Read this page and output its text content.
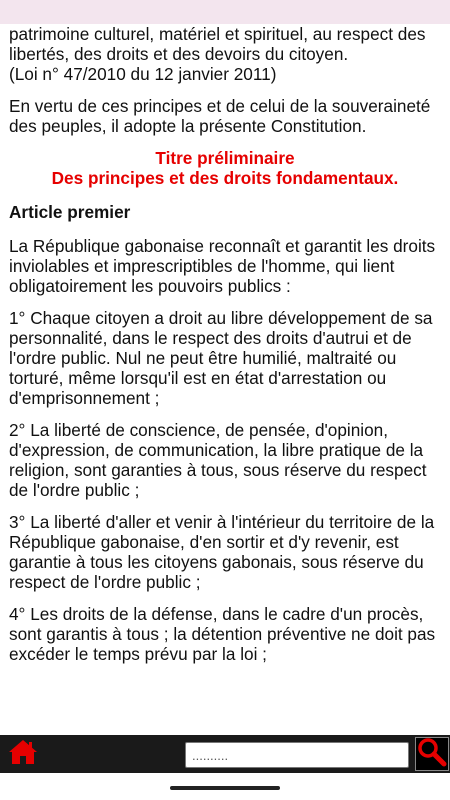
patrimoine culturel, matériel et spirituel, au respect des libertés, des droits et des devoirs du citoyen.

(Loi n° 47/2010 du 12 janvier 2011)

En vertu de ces principes et de celui de la souveraineté des peuples, il adopte la présente Constitution.

Titre préliminaire
Des principes et des droits fondamentaux.
Article premier

La République gabonaise reconnaît et garantit les droits inviolables et imprescriptibles de l'homme, qui lient obligatoirement les pouvoirs publics :

1° Chaque citoyen a droit au libre développement de sa personnalité, dans le respect des droits d'autrui et de l'ordre public. Nul ne peut être humilié, maltraité ou torturé, même lorsqu'il est en état d'arrestation ou d'emprisonnement ;

2° La liberté de conscience, de pensée, d'opinion, d'expression, de communication, la libre pratique de la religion, sont garanties à tous, sous réserve du respect de l'ordre public ;

3° La liberté d'aller et venir à l'intérieur du territoire de la République gabonaise, d'en sortir et d'y revenir, est garantie à tous les citoyens gabonais, sous réserve du respect de l'ordre public ;

4° Les droits de la défense, dans le cadre d'un procès, sont garantis à tous ; la détention préventive ne doit pas excéder le temps prévu par la loi ;

..........
